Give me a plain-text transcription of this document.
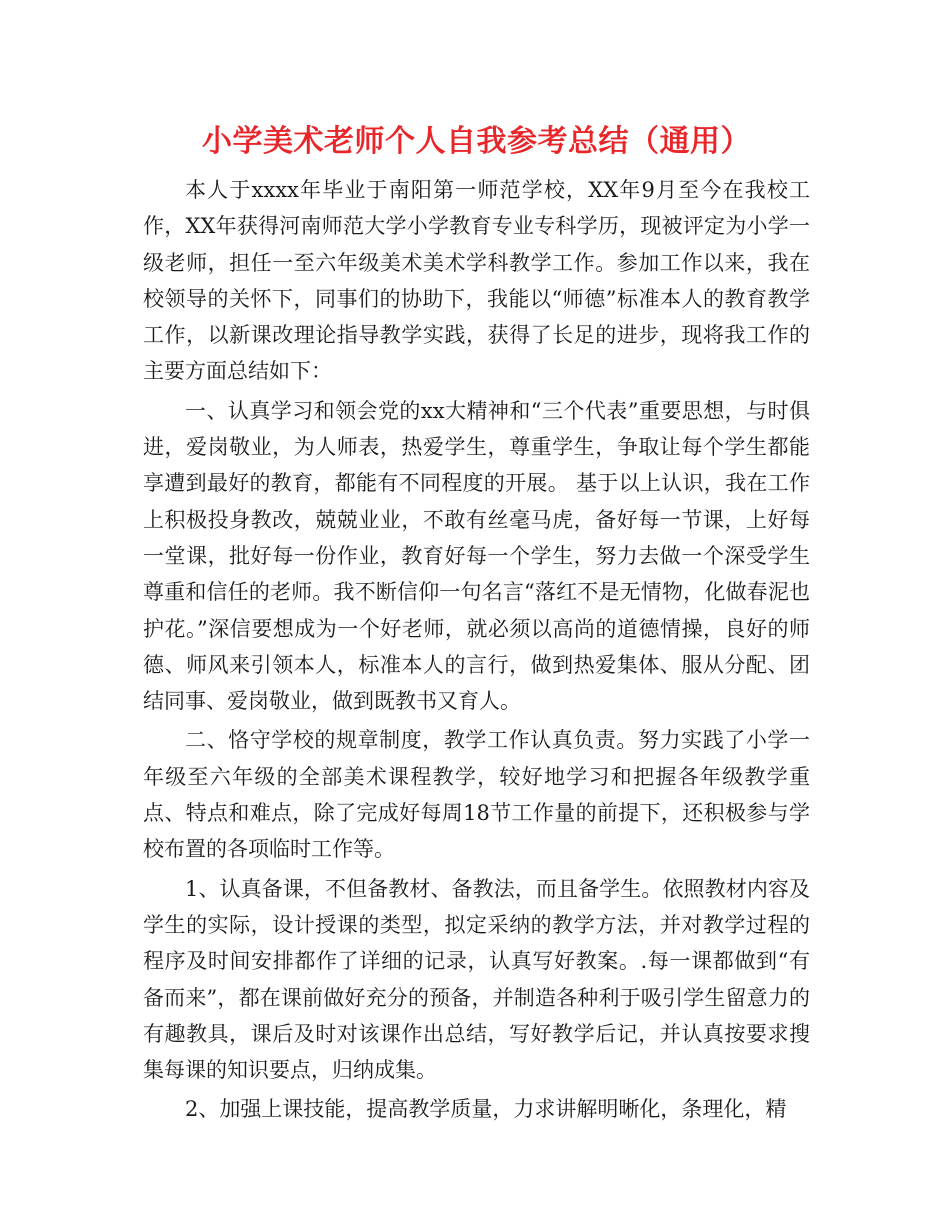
小学美术老师个人自我参考总结（通用）

本人于xxxx年毕业于南阳第一师范学校，XX年9月至今在我校工作，XX年获得河南师范大学小学教育专业专科学历，现被评定为小学一级老师，担任一至六年级美术美术学科教学工作。参加工作以来，我在校领导的关怀下，同事们的协助下，我能以“师德”标准本人的教育教学工作，以新课改理论指导教学实践，获得了长足的进步，现将我工作的主要方面总结如下：

一、认真学习和领会党的xx大精神和“三个代表”重要思想，与时俱进，爱岗敬业，为人师表，热爱学生，尊重学生，争取让每个学生都能享遭到最好的教育，都能有不同程度的开展。 基于以上认识，我在工作上积极投身教改，兢兢业业，不敢有丝毫马虎，备好每一节课，上好每一堂课，批好每一份作业，教育好每一个学生，努力去做一个深受学生尊重和信任的老师。我不断信仰一句名言“落红不是无情物，化做春泥也护花。”深信要想成为一个好老师，就必须以高尚的道德情操，良好的师德、师风来引领本人，标准本人的言行，做到热爱集体、服从分配、团结同事、爱岗敬业，做到既教书又育人。

二、恪守学校的规章制度，教学工作认真负责。努力实践了小学一年级至六年级的全部美术课程教学，较好地学习和把握各年级教学重点、特点和难点，除了完成好每周18节工作量的前提下，还积极参与学校布置的各项临时工作等。

1、认真备课，不但备教材、备教法，而且备学生。依照教材内容及学生的实际，设计授课的类型，拟定采纳的教学方法，并对教学过程的程序及时间安排都作了详细的记录，认真写好教案。.每一课都做到“有备而来”，都在课前做好充分的预备，并制造各种利于吸引学生留意力的有趣教具，课后及时对该课作出总结，写好教学后记，并认真按要求搜集每课的知识要点，归纳成集。

2、加强上课技能，提高教学质量，力求讲解明晰化，条理化，精
